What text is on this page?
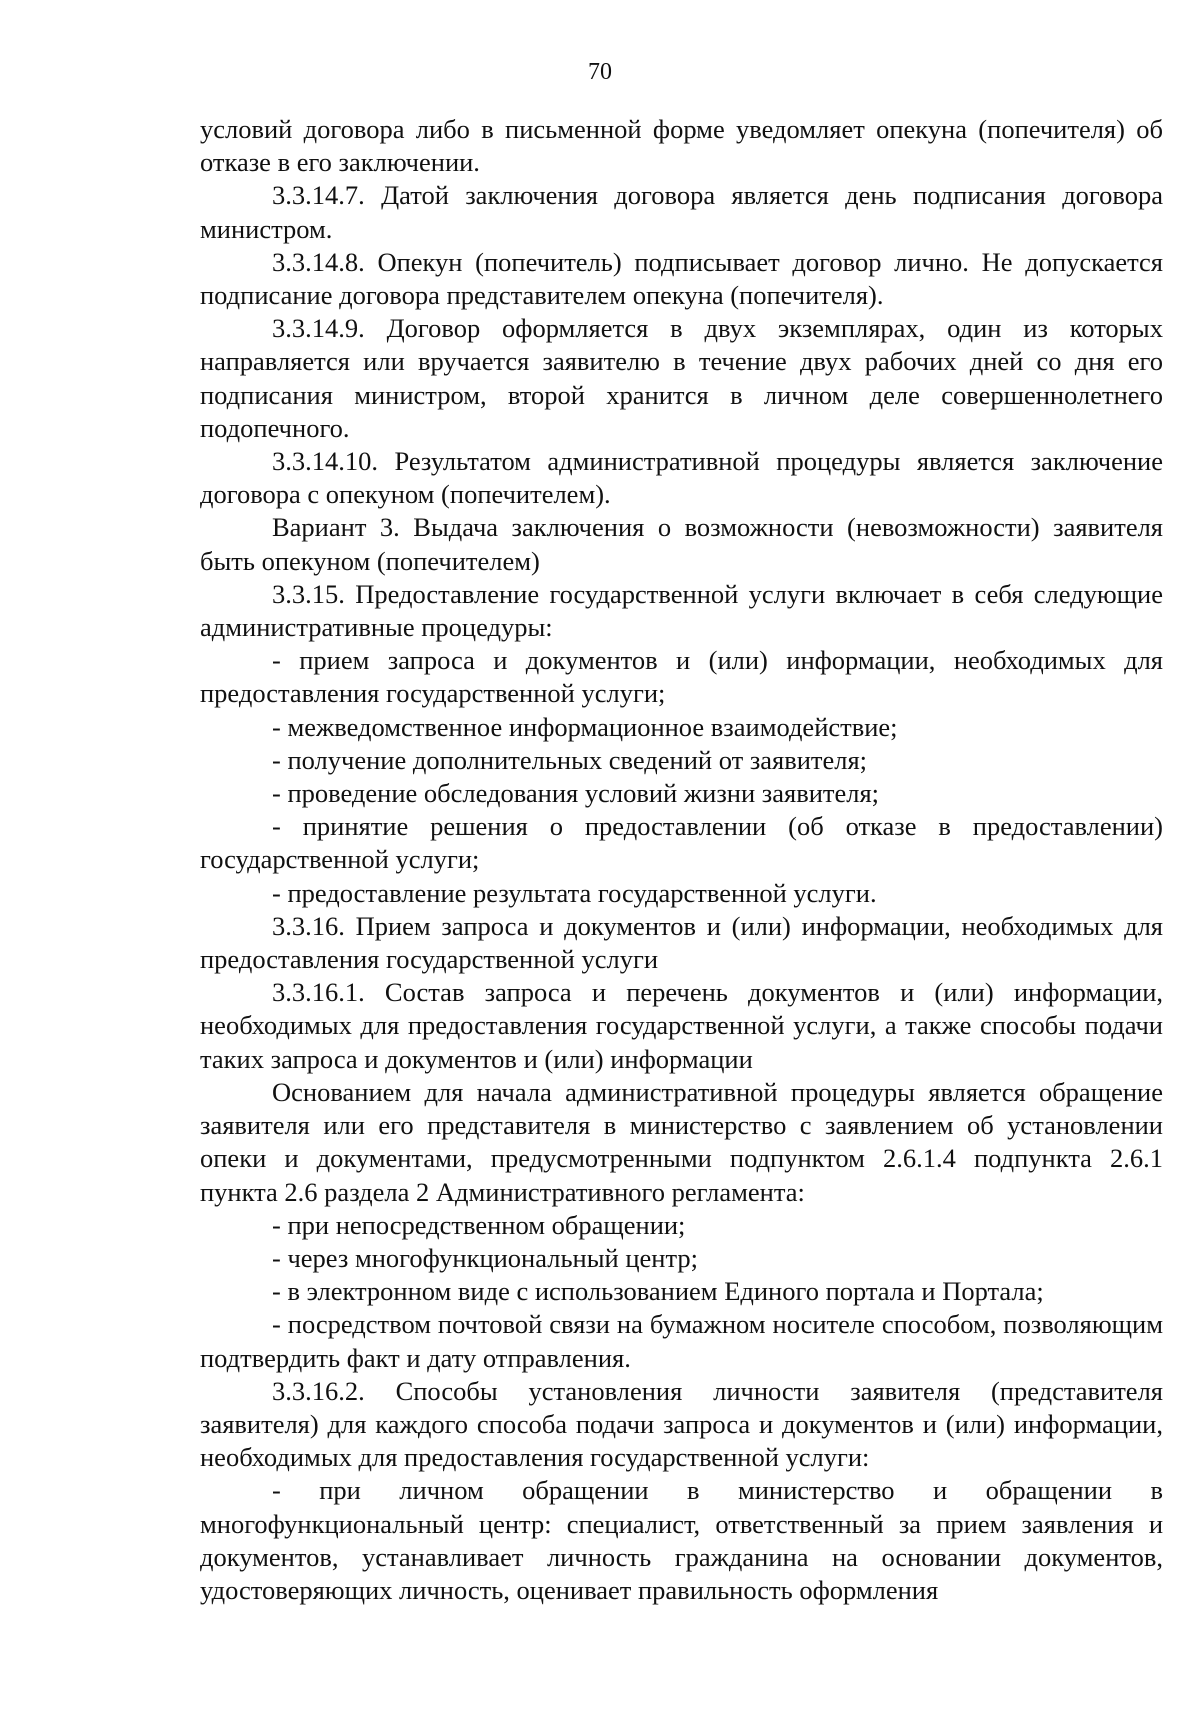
70

условий договора либо в письменной форме уведомляет опекуна (попечителя) об отказе в его заключении.

3.3.14.7. Датой заключения договора является день подписания договора министром.

3.3.14.8. Опекун (попечитель) подписывает договор лично. Не допускается подписание договора представителем опекуна (попечителя).

3.3.14.9. Договор оформляется в двух экземплярах, один из которых направляется или вручается заявителю в течение двух рабочих дней со дня его подписания министром, второй хранится в личном деле совершеннолетнего подопечного.

3.3.14.10. Результатом административной процедуры является заключение договора с опекуном (попечителем).

Вариант 3. Выдача заключения о возможности (невозможности) заявителя быть опекуном (попечителем)

3.3.15. Предоставление государственной услуги включает в себя следующие административные процедуры:

- прием запроса и документов и (или) информации, необходимых для предоставления государственной услуги;

- межведомственное информационное взаимодействие;

- получение дополнительных сведений от заявителя;

- проведение обследования условий жизни заявителя;

- принятие решения о предоставлении (об отказе в предоставлении) государственной услуги;

- предоставление результата государственной услуги.

3.3.16. Прием запроса и документов и (или) информации, необходимых для предоставления государственной услуги

3.3.16.1. Состав запроса и перечень документов и (или) информации, необходимых для предоставления государственной услуги, а также способы подачи таких запроса и документов и (или) информации

Основанием для начала административной процедуры является обращение заявителя или его представителя в министерство с заявлением об установлении опеки и документами, предусмотренными подпунктом 2.6.1.4 подпункта 2.6.1 пункта 2.6 раздела 2 Административного регламента:

- при непосредственном обращении;

- через многофункциональный центр;

- в электронном виде с использованием Единого портала и Портала;

- посредством почтовой связи на бумажном носителе способом, позволяющим подтвердить факт и дату отправления.

3.3.16.2. Способы установления личности заявителя (представителя заявителя) для каждого способа подачи запроса и документов и (или) информации, необходимых для предоставления государственной услуги:

- при личном обращении в министерство и обращении в многофункциональный центр: специалист, ответственный за прием заявления и документов, устанавливает личность гражданина на основании документов, удостоверяющих личность, оценивает правильность оформления
